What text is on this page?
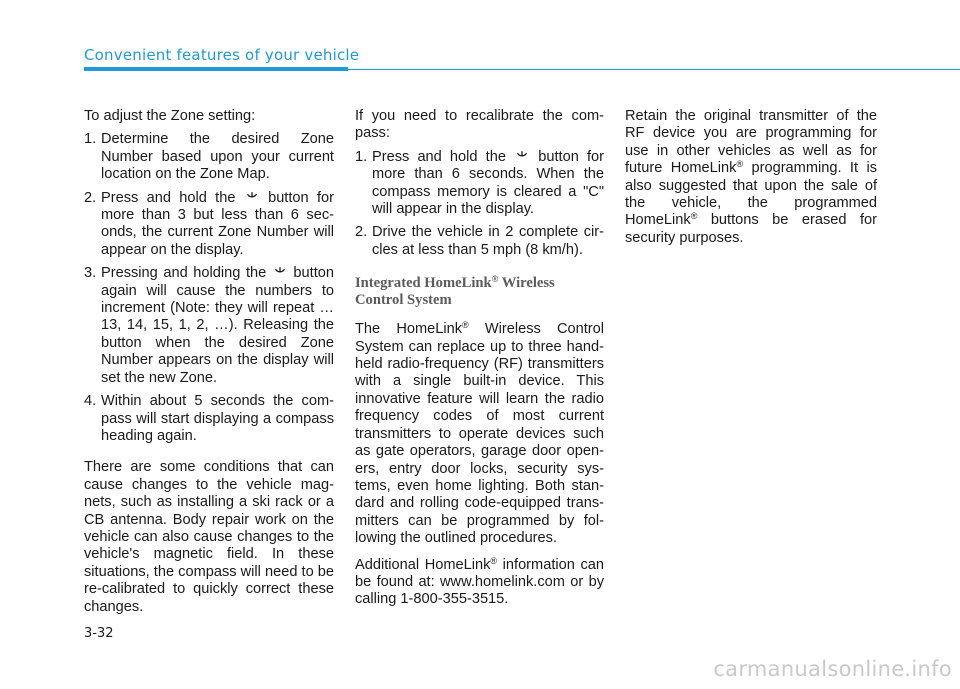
Convenient features of your vehicle

To adjust the Zone setting:

1. Determine the desired Zone Number based upon your current location on the Zone Map.
2. Press and hold the button for more than 3 but less than 6 seconds, the current Zone Number will appear on the display.
3. Pressing and holding the button again will cause the numbers to increment (Note: they will repeat …13, 14, 15, 1, 2, …). Releasing the button when the desired Zone Number appears on the display will set the new Zone.
4. Within about 5 seconds the compass will start displaying a compass heading again.

There are some conditions that can cause changes to the vehicle magnets, such as installing a ski rack or a CB antenna. Body repair work on the vehicle can also cause changes to the vehicle's magnetic field. In these situations, the compass will need to be re-calibrated to quickly correct these changes.

If you need to recalibrate the compass:

1. Press and hold the button for more than 6 seconds. When the compass memory is cleared a "C" will appear in the display.
2. Drive the vehicle in 2 complete circles at less than 5 mph (8 km/h).
Integrated HomeLink® Wireless Control System

The HomeLink® Wireless Control System can replace up to three handheld radio-frequency (RF) transmitters with a single built-in device. This innovative feature will learn the radio frequency codes of most current transmitters to operate devices such as gate operators, garage door openers, entry door locks, security systems, even home lighting. Both standard and rolling code-equipped transmitters can be programmed by following the outlined procedures.

Additional HomeLink® information can be found at: www.homelink.com or by calling 1-800-355-3515.

Retain the original transmitter of the RF device you are programming for use in other vehicles as well as for future HomeLink® programming. It is also suggested that upon the sale of the vehicle, the programmed HomeLink® buttons be erased for security purposes.

3-32
carmanualsonline.info
